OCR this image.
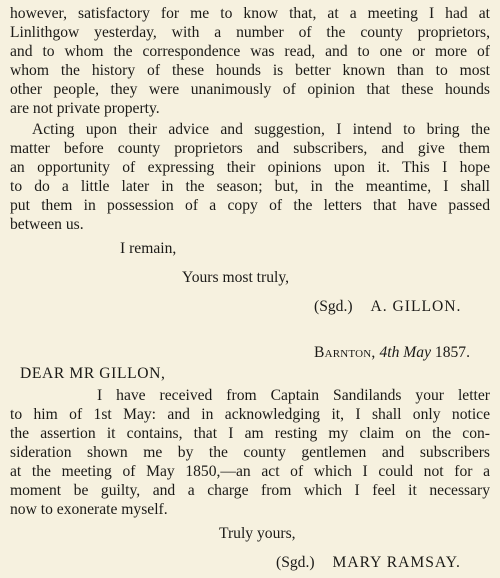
however, satisfactory for me to know that, at a meeting I had at
Linlithgow yesterday, with a number of the county proprietors,
and to whom the correspondence was read, and to one or more of
whom the history of these hounds is better known than to most
other people, they were unanimously of opinion that these hounds
are not private property.
Acting upon their advice and suggestion, I intend to bring the
matter before county proprietors and subscribers, and give them
an opportunity of expressing their opinions upon it. This I hope
to do a little later in the season; but, in the meantime, I shall
put them in possession of a copy of the letters that have passed
between us.
I remain,
Yours most truly,
(Sgd.) A. GILLON.
Barnton, 4th May 1857.
DEAR MR GILLON,
I have received from Captain Sandilands your letter
to him of 1st May: and in acknowledging it, I shall only notice
the assertion it contains, that I am resting my claim on the con-
sideration shown me by the county gentlemen and subscribers
at the meeting of May 1850,—an act of which I could not for a
moment be guilty, and a charge from which I feel it necessary
now to exonerate myself.
Truly yours,
(Sgd.) MARY RAMSAY.
